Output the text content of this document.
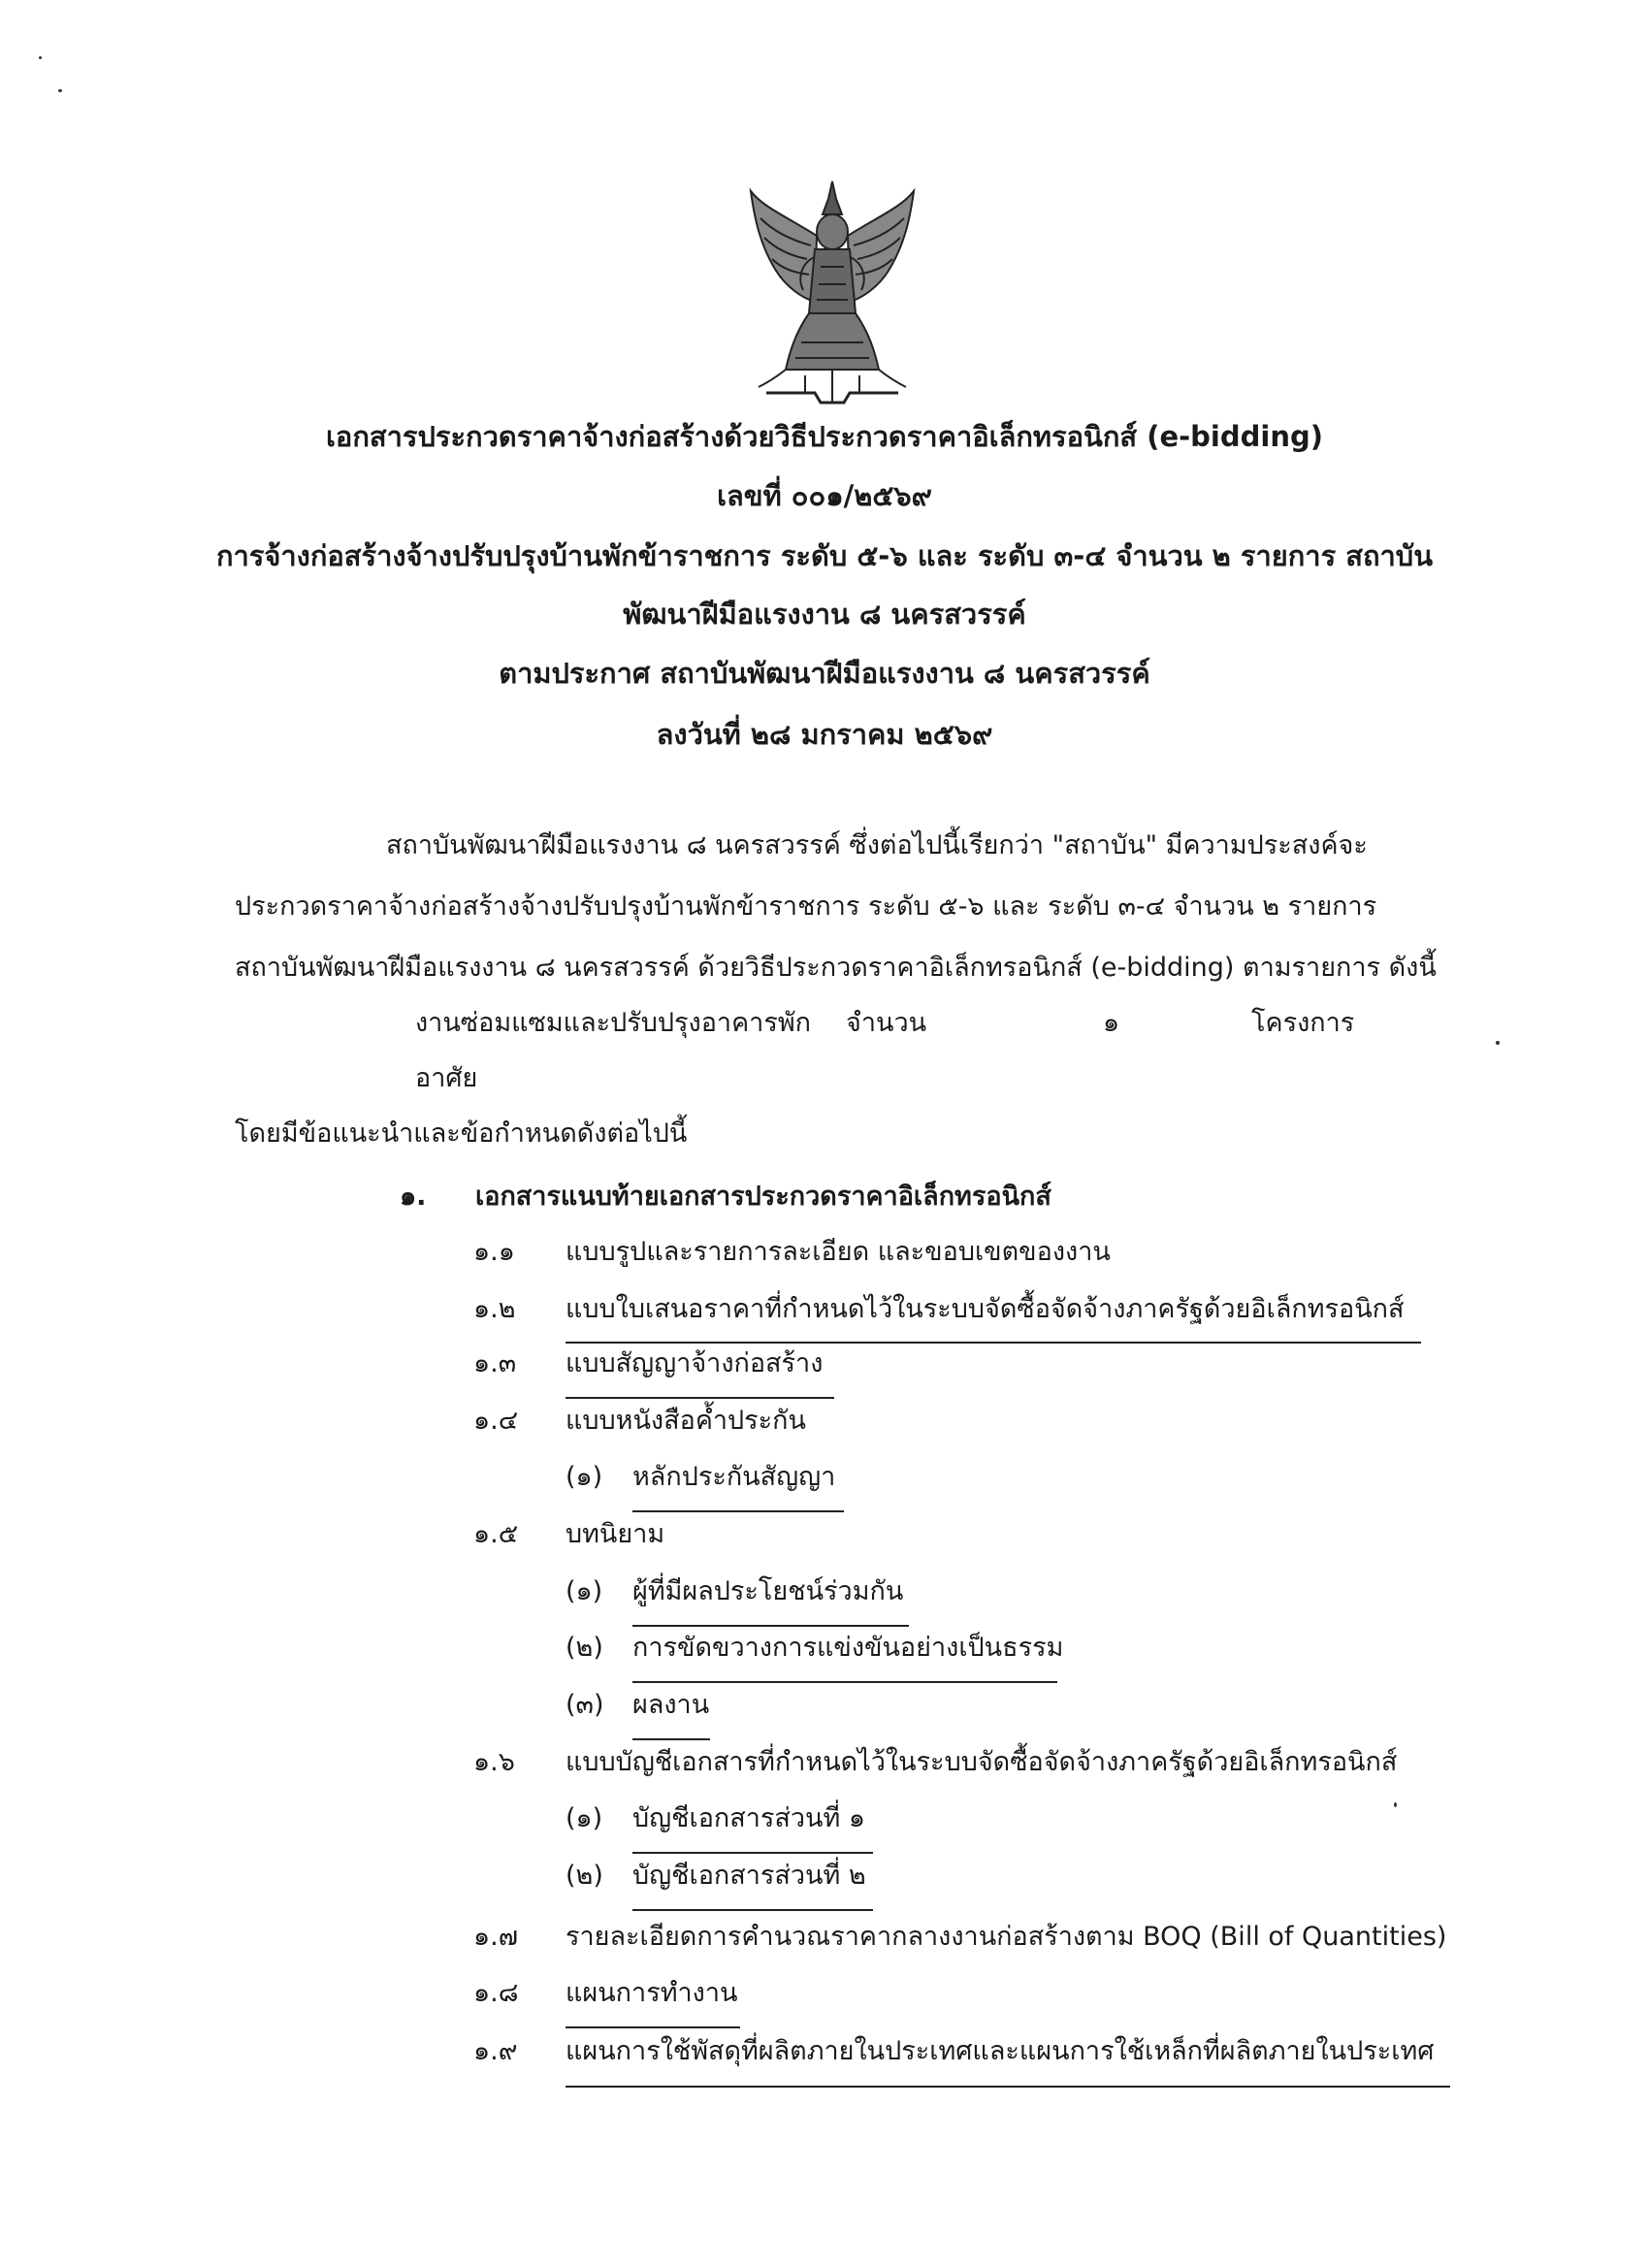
เอกสารประกวดราคาจ้างก่อสร้างด้วยวิธีประกวดราคาอิเล็กทรอนิกส์ (e-bidding)
เลขที่ ๐๐๑/๒๕๖๙
การจ้างก่อสร้างจ้างปรับปรุงบ้านพักข้าราชการ ระดับ ๕-๖ และ ระดับ ๓-๔ จำนวน ๒ รายการ สถาบัน
พัฒนาฝีมือแรงงาน ๘ นครสวรรค์
ตามประกาศ สถาบันพัฒนาฝีมือแรงงาน ๘ นครสวรรค์
ลงวันที่ ๒๘ มกราคม ๒๕๖๙
สถาบันพัฒนาฝีมือแรงงาน ๘ นครสวรรค์ ซึ่งต่อไปนี้เรียกว่า "สถาบัน" มีความประสงค์จะ
ประกวดราคาจ้างก่อสร้างจ้างปรับปรุงบ้านพักข้าราชการ ระดับ ๕-๖ และ ระดับ ๓-๔ จำนวน ๒ รายการ
สถาบันพัฒนาฝีมือแรงงาน ๘ นครสวรรค์ ด้วยวิธีประกวดราคาอิเล็กทรอนิกส์ (e-bidding) ตามรายการ ดังนี้
งานซ่อมแซมและปรับปรุงอาคารพัก จำนวน	๑	โครงการ
อาศัย
โดยมีข้อแนะนำและข้อกำหนดดังต่อไปนี้
๑. เอกสารแนบท้ายเอกสารประกวดราคาอิเล็กทรอนิกส์
๑.๑ แบบรูปและรายการละเอียด และขอบเขตของงาน
๑.๒ แบบใบเสนอราคาที่กำหนดไว้ในระบบจัดซื้อจัดจ้างภาครัฐด้วยอิเล็กทรอนิกส์
๑.๓ แบบสัญญาจ้างก่อสร้าง
๑.๔ แบบหนังสือค้ำประกัน
(๑) หลักประกันสัญญา
๑.๕ บทนิยาม
(๑) ผู้ที่มีผลประโยชน์ร่วมกัน
(๒) การขัดขวางการแข่งขันอย่างเป็นธรรม
(๓) ผลงาน
๑.๖ แบบบัญชีเอกสารที่กำหนดไว้ในระบบจัดซื้อจัดจ้างภาครัฐด้วยอิเล็กทรอนิกส์
(๑) บัญชีเอกสารส่วนที่ ๑
(๒) บัญชีเอกสารส่วนที่ ๒
๑.๗ รายละเอียดการคำนวณราคากลางงานก่อสร้างตาม BOQ (Bill of Quantities)
๑.๘ แผนการทำงาน
๑.๙ แผนการใช้พัสดุที่ผลิตภายในประเทศและแผนการใช้เหล็กที่ผลิตภายในประเทศ
